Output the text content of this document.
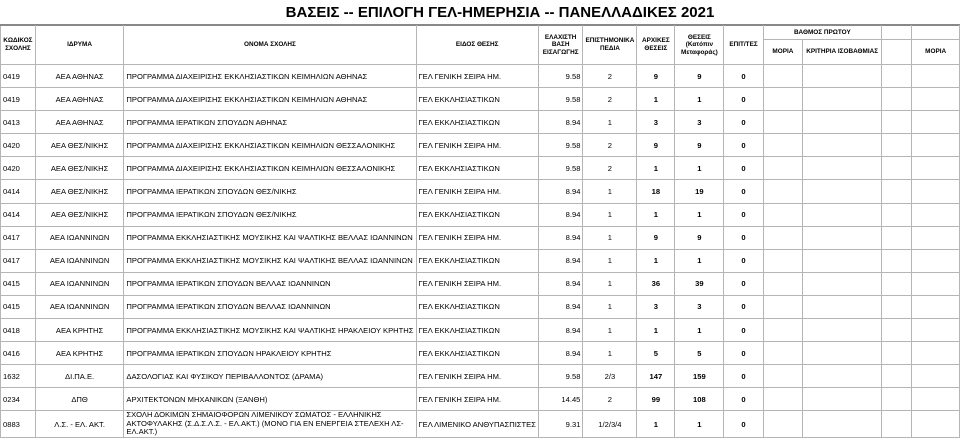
ΒΑΣΕΙΣ -- ΕΠΙΛΟΓΗ ΓΕΛ-ΗΜΕΡΗΣΙΑ -- ΠΑΝΕΛΛΑΔΙΚΕΣ 2021
ΚΩΔΙΚΟΣ ΣΧΟΛΗΣ	ΙΔΡΥΜΑ	ΟΝΟΜΑ ΣΧΟΛΗΣ	ΕΙΔΟΣ ΘΕΣΗΣ	ΕΛΑΧΙΣΤΗ ΒΑΣΗ ΕΙΣΑΓΩΓΗΣ	ΕΠΙΣΤΗΜΟΝΙΚΑ ΠΕΔΙΑ	ΑΡΧΙΚΕΣ ΘΕΣΕΙΣ	ΘΕΣΕΙΣ (Κατόπιν Μεταφοράς)	ΕΠΙΤ/ΤΕΣ	ΒΑΘΜΟΣ ΠΡΩΤΟΥ			
									ΜΟΡΙΑ	ΚΡΙΤΗΡΙΑ ΙΣΟΒΑΘΜΙΑΣ		ΜΟΡΙΑ
0419	ΑΕΑ ΑΘΗΝΑΣ	ΠΡΟΓΡΑΜΜΑ ΔΙΑΧΕΙΡΙΣΗΣ ΕΚΚΛΗΣΙΑΣΤΙΚΩΝ ΚΕΙΜΗΛΙΩΝ ΑΘΗΝΑΣ	ΓΕΛ ΓΕΝΙΚΗ ΣΕΙΡΑ ΗΜ.	9.58	2	9	9	0				
0419	ΑΕΑ ΑΘΗΝΑΣ	ΠΡΟΓΡΑΜΜΑ ΔΙΑΧΕΙΡΙΣΗΣ ΕΚΚΛΗΣΙΑΣΤΙΚΩΝ ΚΕΙΜΗΛΙΩΝ ΑΘΗΝΑΣ	ΓΕΛ ΕΚΚΛΗΣΙΑΣΤΙΚΩΝ	9.58	2	1	1	0				
0413	ΑΕΑ ΑΘΗΝΑΣ	ΠΡΟΓΡΑΜΜΑ ΙΕΡΑΤΙΚΩΝ ΣΠΟΥΔΩΝ ΑΘΗΝΑΣ	ΓΕΛ ΕΚΚΛΗΣΙΑΣΤΙΚΩΝ	8.94	1	3	3	0				
0420	ΑΕΑ ΘΕΣ/ΝΙΚΗΣ	ΠΡΟΓΡΑΜΜΑ ΔΙΑΧΕΙΡΙΣΗΣ ΕΚΚΛΗΣΙΑΣΤΙΚΩΝ ΚΕΙΜΗΛΙΩΝ ΘΕΣΣΑΛΟΝΙΚΗΣ	ΓΕΛ ΓΕΝΙΚΗ ΣΕΙΡΑ ΗΜ.	9.58	2	9	9	0				
0420	ΑΕΑ ΘΕΣ/ΝΙΚΗΣ	ΠΡΟΓΡΑΜΜΑ ΔΙΑΧΕΙΡΙΣΗΣ ΕΚΚΛΗΣΙΑΣΤΙΚΩΝ ΚΕΙΜΗΛΙΩΝ ΘΕΣΣΑΛΟΝΙΚΗΣ	ΓΕΛ ΕΚΚΛΗΣΙΑΣΤΙΚΩΝ	9.58	2	1	1	0				
0414	ΑΕΑ ΘΕΣ/ΝΙΚΗΣ	ΠΡΟΓΡΑΜΜΑ ΙΕΡΑΤΙΚΩΝ ΣΠΟΥΔΩΝ ΘΕΣ/ΝΙΚΗΣ	ΓΕΛ ΓΕΝΙΚΗ ΣΕΙΡΑ ΗΜ.	8.94	1	18	19	0				
0414	ΑΕΑ ΘΕΣ/ΝΙΚΗΣ	ΠΡΟΓΡΑΜΜΑ ΙΕΡΑΤΙΚΩΝ ΣΠΟΥΔΩΝ ΘΕΣ/ΝΙΚΗΣ	ΓΕΛ ΕΚΚΛΗΣΙΑΣΤΙΚΩΝ	8.94	1	1	1	0				
0417	ΑΕΑ ΙΩΑΝΝΙΝΩΝ	ΠΡΟΓΡΑΜΜΑ ΕΚΚΛΗΣΙΑΣΤΙΚΗΣ ΜΟΥΣΙΚΗΣ ΚΑΙ ΨΑΛΤΙΚΗΣ ΒΕΛΛΑΣ ΙΩΑΝΝΙΝΩΝ	ΓΕΛ ΓΕΝΙΚΗ ΣΕΙΡΑ ΗΜ.	8.94	1	9	9	0				
0417	ΑΕΑ ΙΩΑΝΝΙΝΩΝ	ΠΡΟΓΡΑΜΜΑ ΕΚΚΛΗΣΙΑΣΤΙΚΗΣ ΜΟΥΣΙΚΗΣ ΚΑΙ ΨΑΛΤΙΚΗΣ ΒΕΛΛΑΣ ΙΩΑΝΝΙΝΩΝ	ΓΕΛ ΕΚΚΛΗΣΙΑΣΤΙΚΩΝ	8.94	1	1	1	0				
0415	ΑΕΑ ΙΩΑΝΝΙΝΩΝ	ΠΡΟΓΡΑΜΜΑ ΙΕΡΑΤΙΚΩΝ ΣΠΟΥΔΩΝ ΒΕΛΛΑΣ ΙΩΑΝΝΙΝΩΝ	ΓΕΛ ΓΕΝΙΚΗ ΣΕΙΡΑ ΗΜ.	8.94	1	36	39	0				
0415	ΑΕΑ ΙΩΑΝΝΙΝΩΝ	ΠΡΟΓΡΑΜΜΑ ΙΕΡΑΤΙΚΩΝ ΣΠΟΥΔΩΝ ΒΕΛΛΑΣ ΙΩΑΝΝΙΝΩΝ	ΓΕΛ ΕΚΚΛΗΣΙΑΣΤΙΚΩΝ	8.94	1	3	3	0				
0418	ΑΕΑ ΚΡΗΤΗΣ	ΠΡΟΓΡΑΜΜΑ ΕΚΚΛΗΣΙΑΣΤΙΚΗΣ ΜΟΥΣΙΚΗΣ ΚΑΙ ΨΑΛΤΙΚΗΣ ΗΡΑΚΛΕΙΟΥ ΚΡΗΤΗΣ	ΓΕΛ ΕΚΚΛΗΣΙΑΣΤΙΚΩΝ	8.94	1	1	1	0				
0416	ΑΕΑ ΚΡΗΤΗΣ	ΠΡΟΓΡΑΜΜΑ ΙΕΡΑΤΙΚΩΝ ΣΠΟΥΔΩΝ ΗΡΑΚΛΕΙΟΥ ΚΡΗΤΗΣ	ΓΕΛ ΕΚΚΛΗΣΙΑΣΤΙΚΩΝ	8.94	1	5	5	0				
1632	ΔΙ.ΠΑ.Ε.	ΔΑΣΟΛΟΓΙΑΣ ΚΑΙ ΦΥΣΙΚΟΥ ΠΕΡΙΒΑΛΛΟΝΤΟΣ (ΔΡΑΜΑ)	ΓΕΛ ΓΕΝΙΚΗ ΣΕΙΡΑ ΗΜ.	9.58	2/3	147	159	0				
0234	ΔΠΘ	ΑΡΧΙΤΕΚΤΟΝΩΝ ΜΗΧΑΝΙΚΩΝ (ΞΑΝΘΗ)	ΓΕΛ ΓΕΝΙΚΗ ΣΕΙΡΑ ΗΜ.	14.45	2	99	108	0				
0883	Λ.Σ. - ΕΛ. ΑΚΤ.	ΣΧΟΛΗ ΔΟΚΙΜΩΝ ΣΗΜΑΙΟΦΟΡΩΝ ΛΙΜΕΝΙΚΟΥ ΣΩΜΑΤΟΣ - ΕΛΛΗΝΙΚΗΣ ΑΚΤΟΦΥΛΑΚΗΣ (Σ.Δ.Σ.Λ.Σ. - ΕΛ.ΑΚΤ.) (ΜΟΝΟ ΓΙΑ ΕΝ ΕΝΕΡΓΕΙΑ ΣΤΕΛΕΧΗ ΛΣ-ΕΛ.ΑΚΤ.)	ΓΕΛ ΛΙΜΕΝΙΚΟ ΑΝΘΥΠΑΣΠΙΣΤΕΣ	9.31	1/2/3/4	1	1	0				
